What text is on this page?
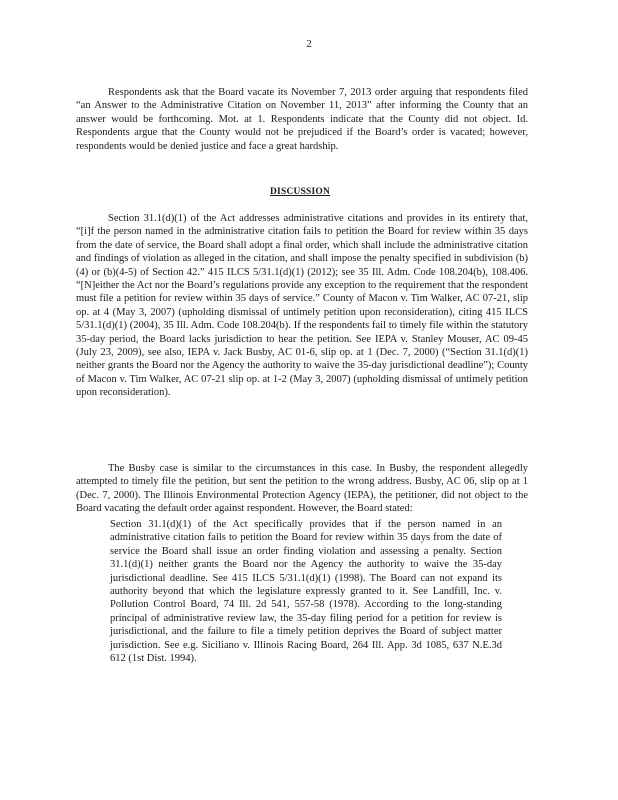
2

Respondents ask that the Board vacate its November 7, 2013 order arguing that respondents filed “an Answer to the Administrative Citation on November 11, 2013” after informing the County that an answer would be forthcoming. Mot. at 1. Respondents indicate that the County did not object. Id. Respondents argue that the County would not be prejudiced if the Board’s order is vacated; however, respondents would be denied justice and face a great hardship.

DISCUSSION

Section 31.1(d)(1) of the Act addresses administrative citations and provides in its entirety that, “[i]f the person named in the administrative citation fails to petition the Board for review within 35 days from the date of service, the Board shall adopt a final order, which shall include the administrative citation and findings of violation as alleged in the citation, and shall impose the penalty specified in subdivision (b)(4) or (b)(4-5) of Section 42.” 415 ILCS 5/31.1(d)(1) (2012); see 35 Ill. Adm. Code 108.204(b), 108.406. “[N]either the Act nor the Board’s regulations provide any exception to the requirement that the respondent must file a petition for review within 35 days of service.” County of Macon v. Tim Walker, AC 07-21, slip op. at 4 (May 3, 2007) (upholding dismissal of untimely petition upon reconsideration), citing 415 ILCS 5/31.1(d)(1) (2004), 35 Ill. Adm. Code 108.204(b). If the respondents fail to timely file within the statutory 35-day period, the Board lacks jurisdiction to hear the petition. See IEPA v. Stanley Mouser, AC 09-45 (July 23, 2009), see also, IEPA v. Jack Busby, AC 01-6, slip op. at 1 (Dec. 7, 2000) (“Section 31.1(d)(1) neither grants the Board nor the Agency the authority to waive the 35-day jurisdictional deadline”); County of Macon v. Tim Walker, AC 07-21 slip op. at 1-2 (May 3, 2007) (upholding dismissal of untimely petition upon reconsideration).

The Busby case is similar to the circumstances in this case. In Busby, the respondent allegedly attempted to timely file the petition, but sent the petition to the wrong address. Busby, AC 06, slip op at 1 (Dec. 7, 2000). The Illinois Environmental Protection Agency (IEPA), the petitioner, did not object to the Board vacating the default order against respondent. However, the Board stated:

Section 31.1(d)(1) of the Act specifically provides that if the person named in an administrative citation fails to petition the Board for review within 35 days from the date of service the Board shall issue an order finding violation and assessing a penalty. Section 31.1(d)(1) neither grants the Board nor the Agency the authority to waive the 35-day jurisdictional deadline. See 415 ILCS 5/31.1(d)(1) (1998). The Board can not expand its authority beyond that which the legislature expressly granted to it. See Landfill, Inc. v. Pollution Control Board, 74 Ill. 2d 541, 557-58 (1978). According to the long-standing principal of administrative review law, the 35-day filing period for a petition for review is jurisdictional, and the failure to file a timely petition deprives the Board of subject matter jurisdiction. See e.g. Siciliano v. Illinois Racing Board, 264 Ill. App. 3d 1085, 637 N.E.3d 612 (1st Dist. 1994).
